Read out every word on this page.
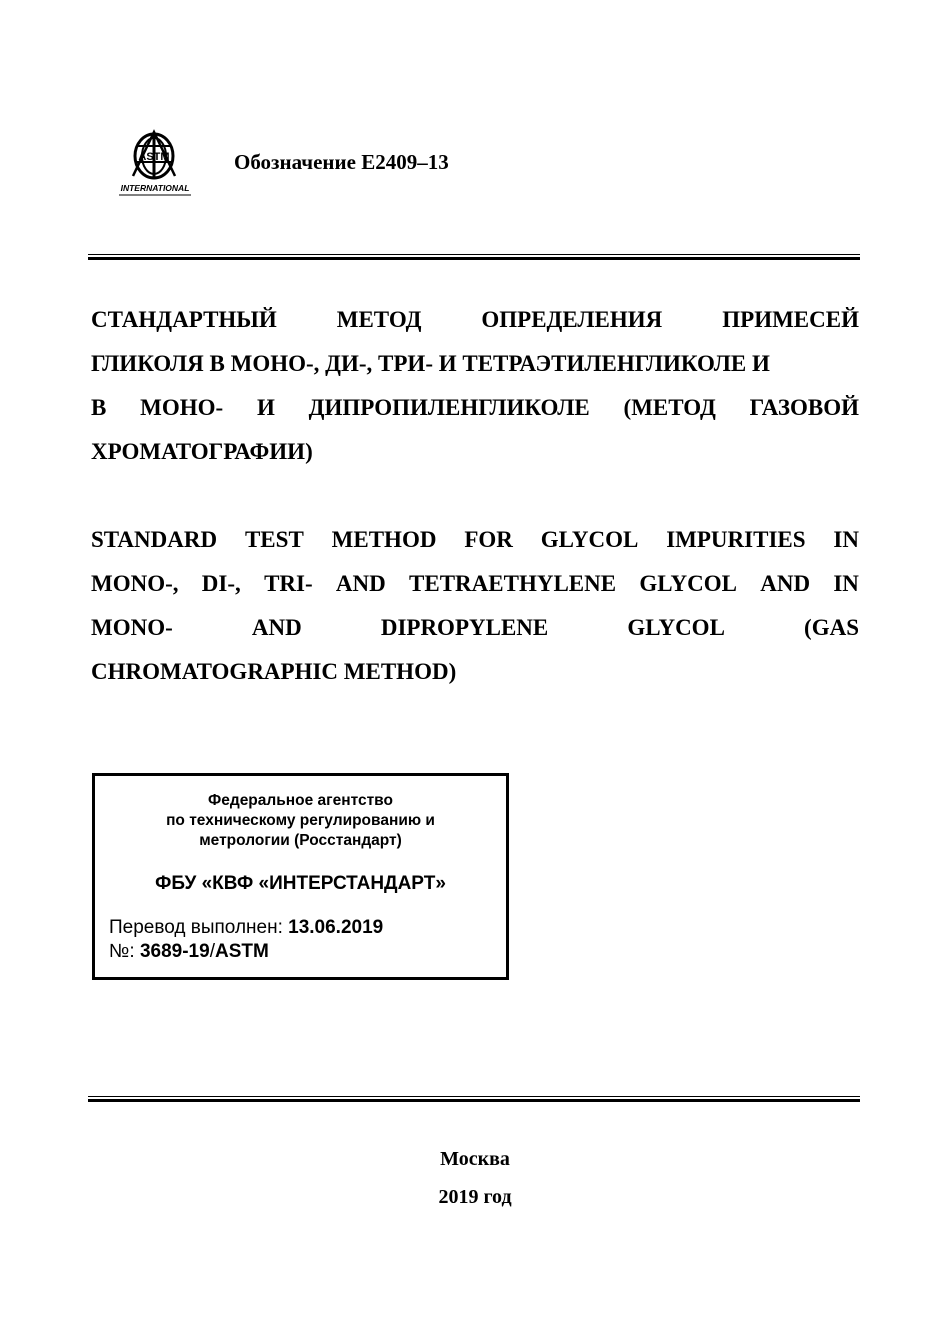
ASTM
INTERNATIONAL
Обозначение E2409–13
СТАНДАРТНЫЙ	МЕТОД	ОПРЕДЕЛЕНИЯ	ПРИМЕСЕЙ
ГЛИКОЛЯ В МОНО-, ДИ-, ТРИ- И ТЕТРАЭТИЛЕНГЛИКОЛЕ И
В МОНО- И ДИПРОПИЛЕНГЛИКОЛЕ (МЕТОД ГАЗОВОЙ
ХРОМАТОГРАФИИ)
STANDARD TEST METHOD FOR GLYCOL IMPURITIES IN
MONO-, DI-, TRI- AND TETRAETHYLENE GLYCOL AND IN
MONO-	AND	DIPROPYLENE	GLYCOL	(GAS
CHROMATOGRAPHIC METHOD)
Федеральное агентство
по техническому регулированию и
метрологии (Росстандарт)
ФБУ «КВФ «ИНТЕРСТАНДАРТ»
Перевод выполнен: 13.06.2019
№: 3689-19/ASTM
Москва
2019 год
